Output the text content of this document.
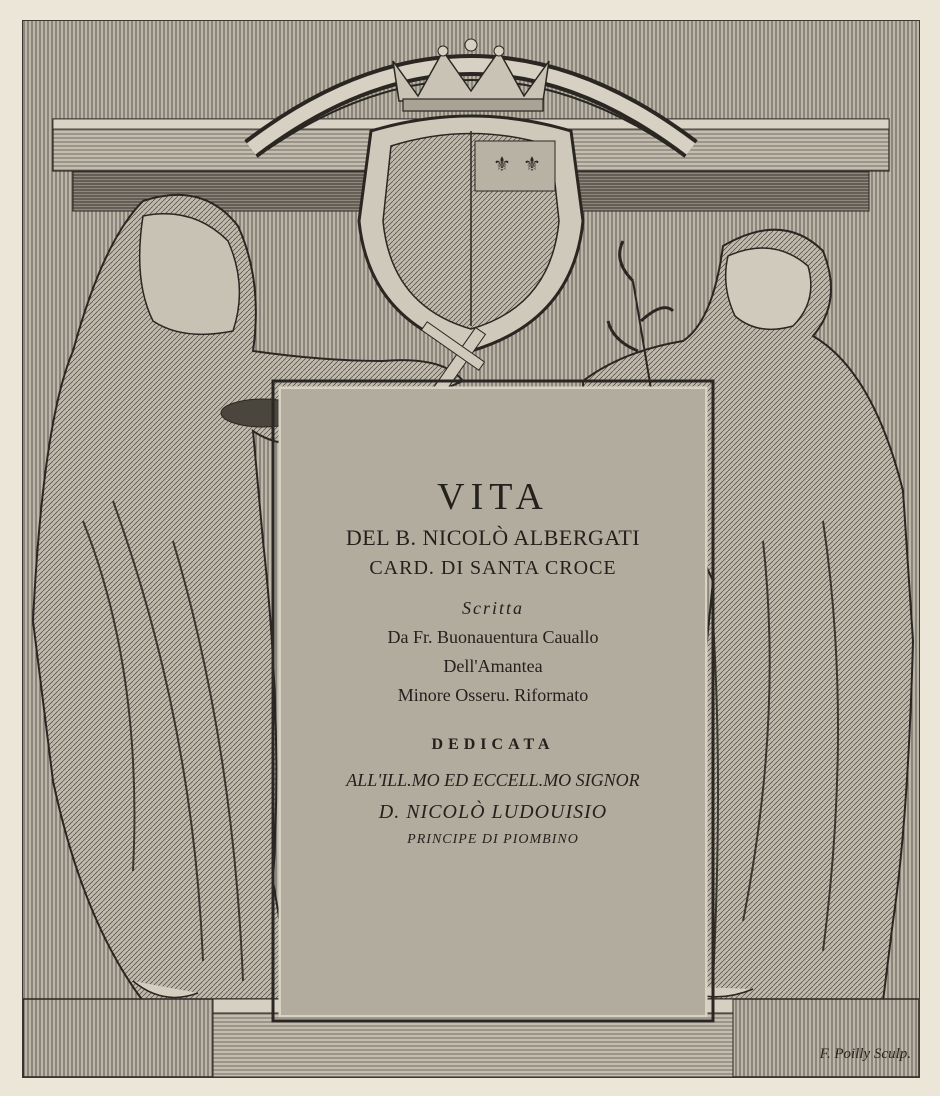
⚜ ⚜
VITA
DEL B. NICOLÒ ALBERGATI
CARD. DI SANTA CROCE
Scritta
Da Fr. Buonauentura Cauallo
Dell'Amantea
Minore Osseru. Riformato
DEDICATA
ALL'ILL.MO ED ECCELL.MO SIGNOR
D. NICOLÒ LUDOUISIO
PRINCIPE DI PIOMBINO
F. Poilly Sculp.
